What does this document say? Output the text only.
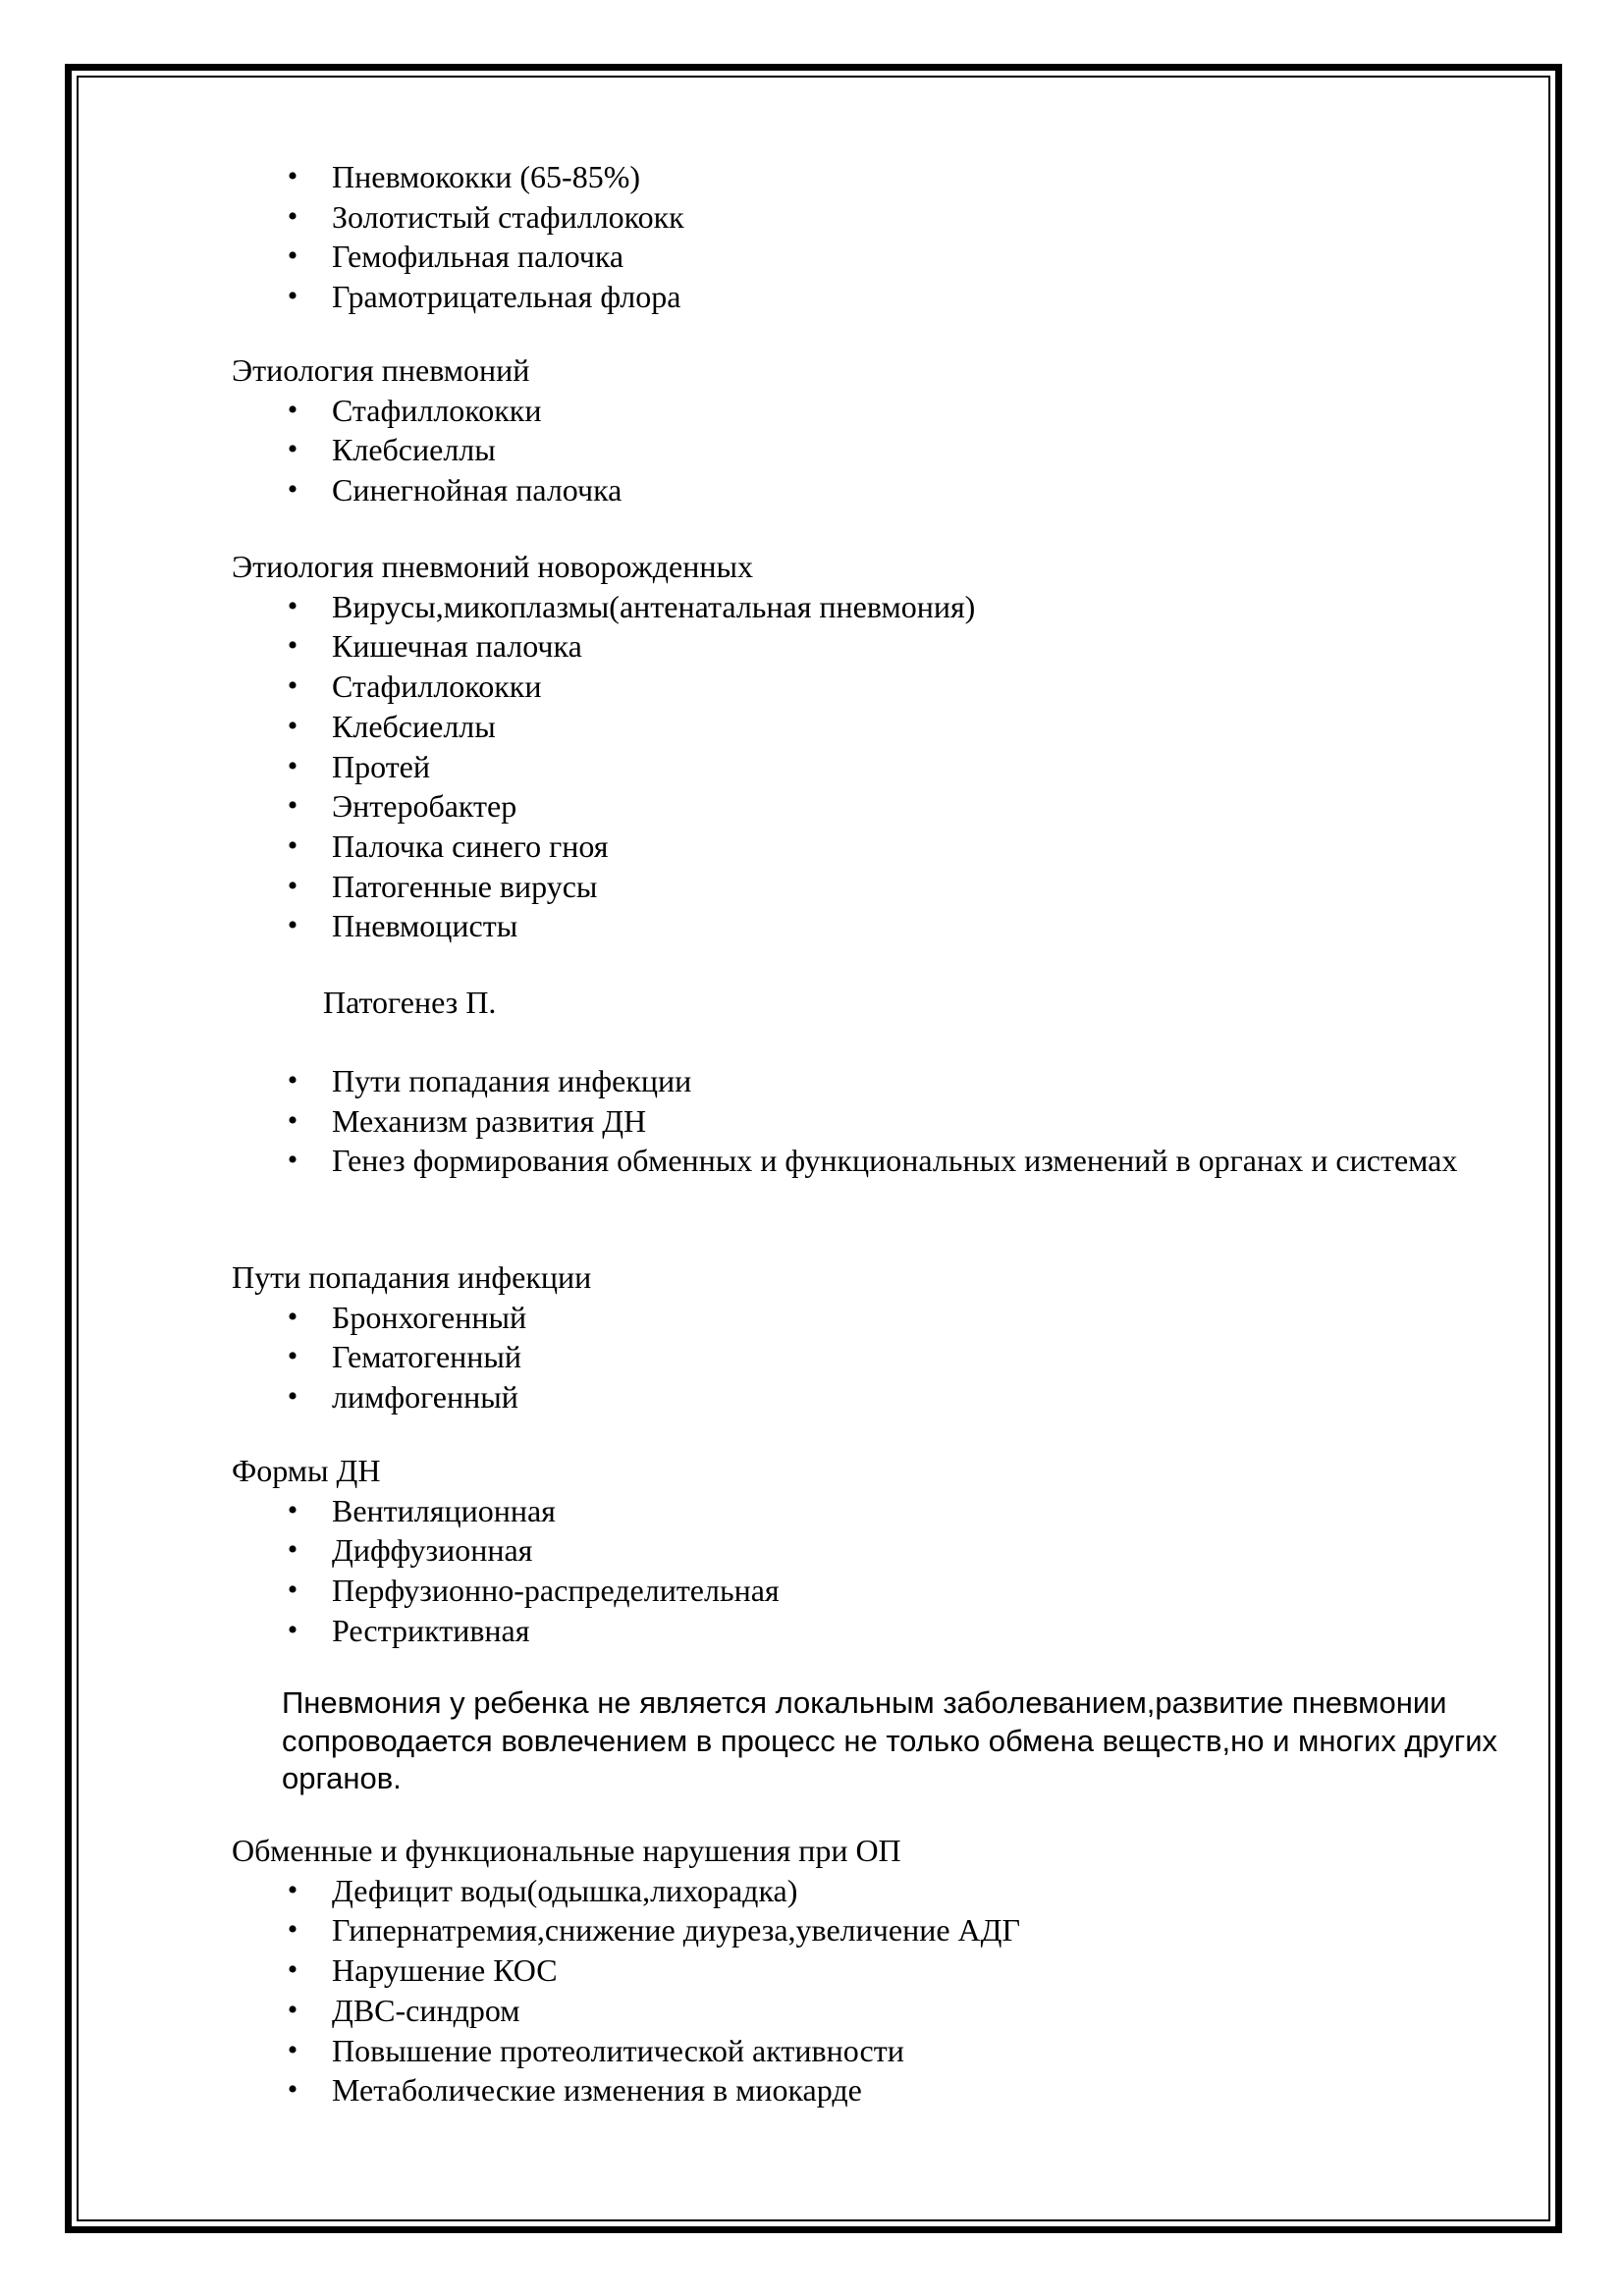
• Пневмококки (65-85%)
• Золотистый стафиллококк
• Гемофильная палочка
• Грамотрицательная флора

Этиология пневмоний

• Стафиллококки
• Клебсиеллы
• Синегнойная палочка

Этиология пневмоний новорожденных

• Вирусы,микоплазмы(антенатальная пневмония)
• Кишечная палочка
• Стафиллококки
• Клебсиеллы
• Протей
• Энтеробактер
• Палочка синего гноя
• Патогенные вирусы
• Пневмоцисты

Патогенез П.

• Пути попадания инфекции
• Механизм развития ДН
• Генез формирования обменных и функциональных изменений в органах и системах

Пути попадания инфекции

• Бронхогенный
• Гематогенный
• лимфогенный

Формы ДН

• Вентиляционная
• Диффузионная
• Перфузионно-распределительная
• Рестриктивная

Пневмония у ребенка не является локальным заболеванием,развитие пневмонии сопроводается вовлечением в процесс не только обмена веществ,но и многих других органов.

Обменные и функциональные нарушения при ОП

• Дефицит воды(одышка,лихорадка)
• Гипернатремия,снижение диуреза,увеличение АДГ
• Нарушение КОС
• ДВС-синдром
• Повышение протеолитической активности
• Метаболические изменения в миокарде
